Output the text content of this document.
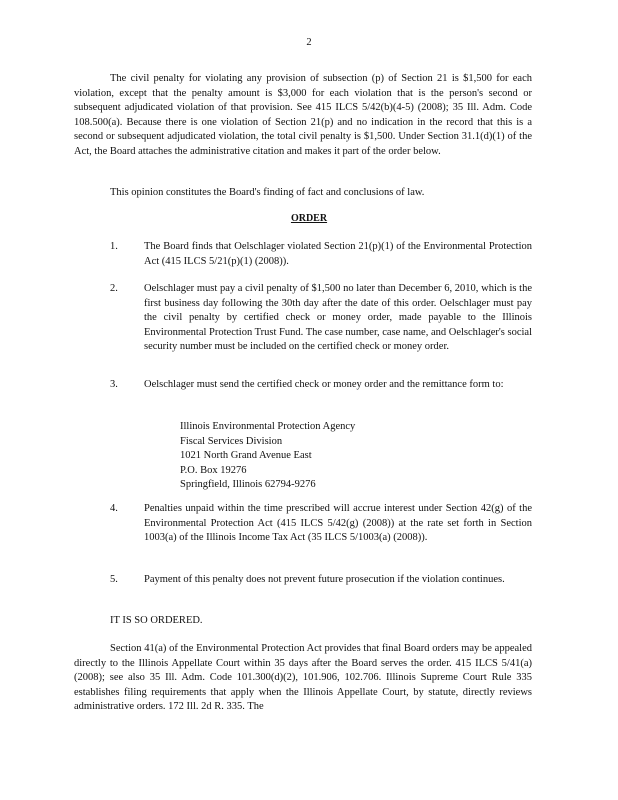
2
The civil penalty for violating any provision of subsection (p) of Section 21 is $1,500 for each violation, except that the penalty amount is $3,000 for each violation that is the person's second or subsequent adjudicated violation of that provision. See 415 ILCS 5/42(b)(4-5) (2008); 35 Ill. Adm. Code 108.500(a). Because there is one violation of Section 21(p) and no indication in the record that this is a second or subsequent adjudicated violation, the total civil penalty is $1,500. Under Section 31.1(d)(1) of the Act, the Board attaches the administrative citation and makes it part of the order below.
This opinion constitutes the Board's finding of fact and conclusions of law.
ORDER
1. The Board finds that Oelschlager violated Section 21(p)(1) of the Environmental Protection Act (415 ILCS 5/21(p)(1) (2008)).
2. Oelschlager must pay a civil penalty of $1,500 no later than December 6, 2010, which is the first business day following the 30th day after the date of this order. Oelschlager must pay the civil penalty by certified check or money order, made payable to the Illinois Environmental Protection Trust Fund. The case number, case name, and Oelschlager's social security number must be included on the certified check or money order.
3. Oelschlager must send the certified check or money order and the remittance form to:
Illinois Environmental Protection Agency
Fiscal Services Division
1021 North Grand Avenue East
P.O. Box 19276
Springfield, Illinois 62794-9276
4. Penalties unpaid within the time prescribed will accrue interest under Section 42(g) of the Environmental Protection Act (415 ILCS 5/42(g) (2008)) at the rate set forth in Section 1003(a) of the Illinois Income Tax Act (35 ILCS 5/1003(a) (2008)).
5. Payment of this penalty does not prevent future prosecution if the violation continues.
IT IS SO ORDERED.
Section 41(a) of the Environmental Protection Act provides that final Board orders may be appealed directly to the Illinois Appellate Court within 35 days after the Board serves the order. 415 ILCS 5/41(a) (2008); see also 35 Ill. Adm. Code 101.300(d)(2), 101.906, 102.706. Illinois Supreme Court Rule 335 establishes filing requirements that apply when the Illinois Appellate Court, by statute, directly reviews administrative orders. 172 Ill. 2d R. 335. The
